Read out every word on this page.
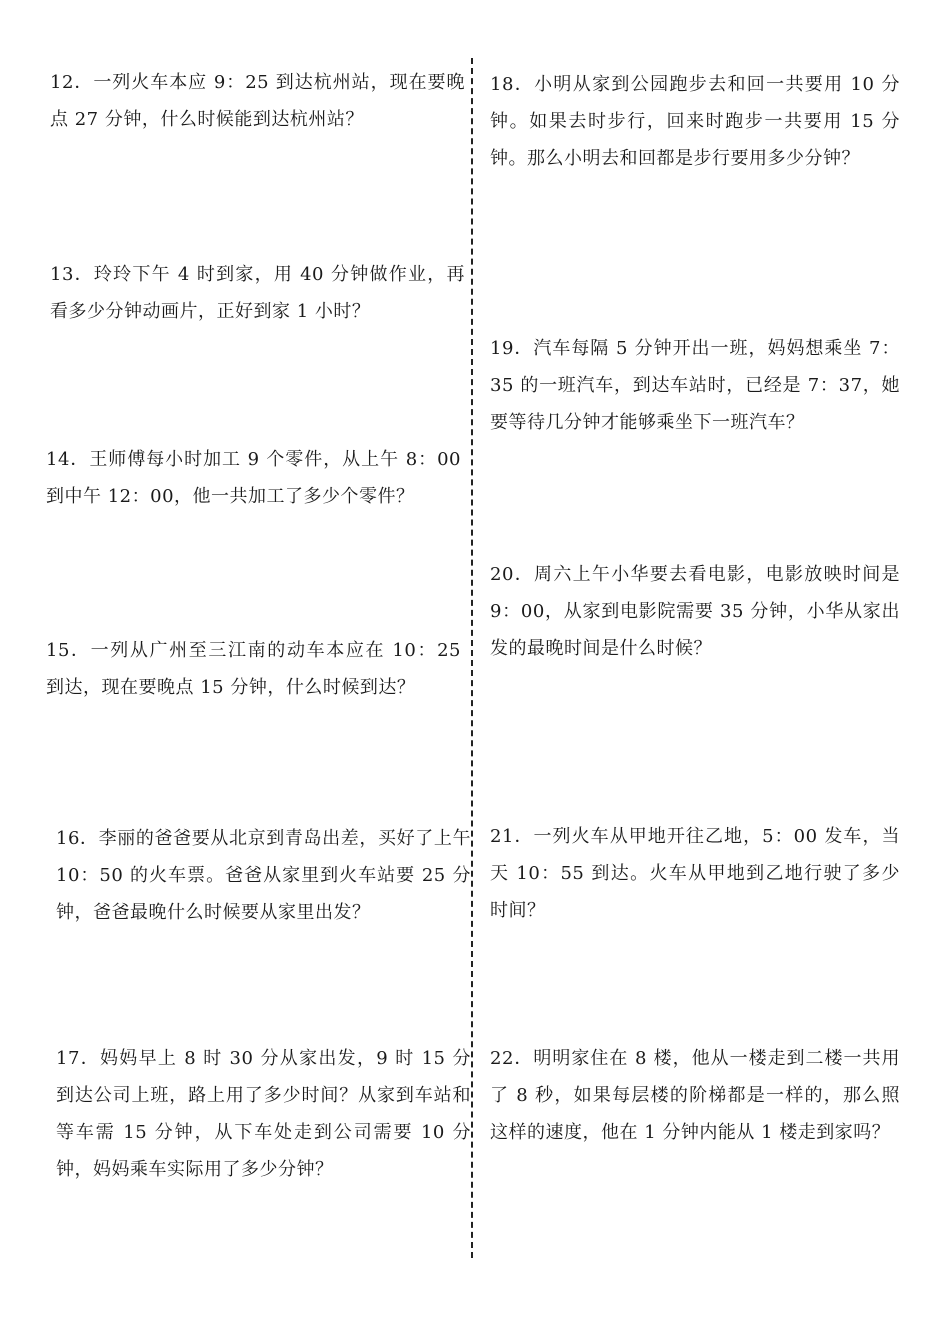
12．一列火车本应 9：25 到达杭州站，现在要晚点 27 分钟，什么时候能到达杭州站？

13．玲玲下午 4 时到家，用 40 分钟做作业，再看多少分钟动画片，正好到家 1 小时？

14．王师傅每小时加工 9 个零件，从上午 8：00 到中午 12：00，他一共加工了多少个零件？

15．一列从广州至三江南的动车本应在 10：25 到达，现在要晚点 15 分钟，什么时候到达？

16．李丽的爸爸要从北京到青岛出差，买好了上午 10：50 的火车票。爸爸从家里到火车站要 25 分钟，爸爸最晚什么时候要从家里出发？

17．妈妈早上 8 时 30 分从家出发，9 时 15 分到达公司上班，路上用了多少时间？从家到车站和等车需 15 分钟，从下车处走到公司需要 10 分钟，妈妈乘车实际用了多少分钟？

18．小明从家到公园跑步去和回一共要用 10 分钟。如果去时步行，回来时跑步一共要用 15 分钟。那么小明去和回都是步行要用多少分钟？

19．汽车每隔 5 分钟开出一班，妈妈想乘坐 7：35 的一班汽车，到达车站时，已经是 7：37，她要等待几分钟才能够乘坐下一班汽车？

20．周六上午小华要去看电影，电影放映时间是 9：00，从家到电影院需要 35 分钟，小华从家出发的最晚时间是什么时候？

21．一列火车从甲地开往乙地，5：00 发车，当天 10：55 到达。火车从甲地到乙地行驶了多少时间？

22．明明家住在 8 楼，他从一楼走到二楼一共用了 8 秒，如果每层楼的阶梯都是一样的，那么照这样的速度，他在 1 分钟内能从 1 楼走到家吗？
